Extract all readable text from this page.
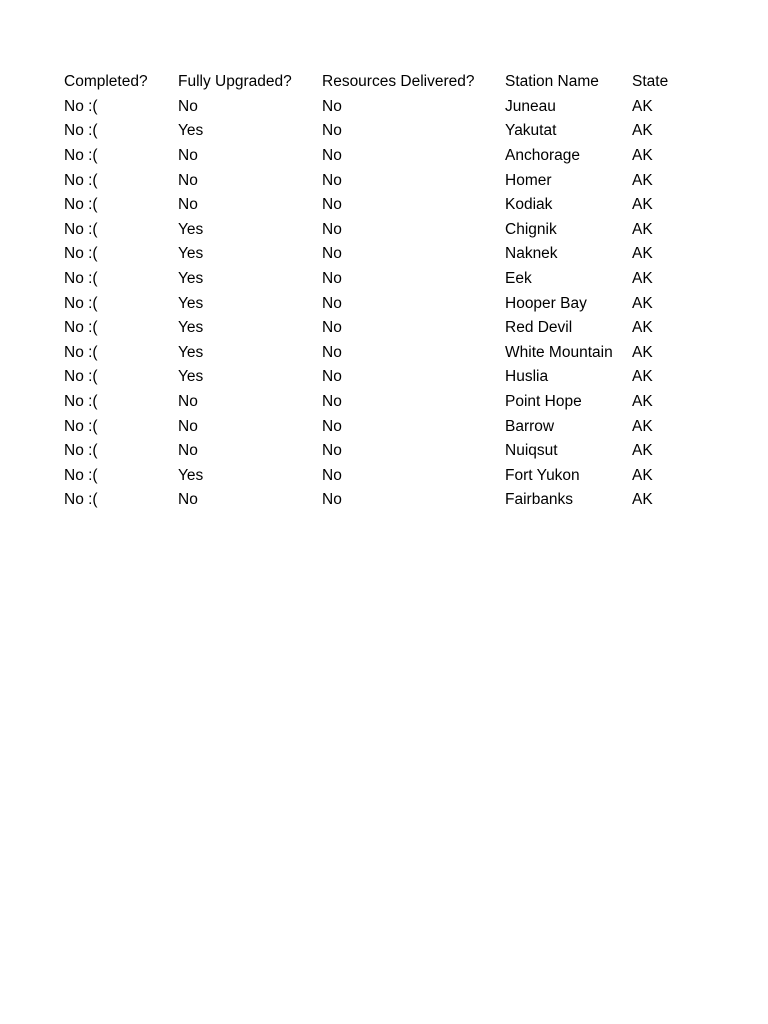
Completed?	Fully Upgraded?	Resources Delivered?	Station Name	State
No :(	No	No	Juneau	AK
No :(	Yes	No	Yakutat	AK
No :(	No	No	Anchorage	AK
No :(	No	No	Homer	AK
No :(	No	No	Kodiak	AK
No :(	Yes	No	Chignik	AK
No :(	Yes	No	Naknek	AK
No :(	Yes	No	Eek	AK
No :(	Yes	No	Hooper Bay	AK
No :(	Yes	No	Red Devil	AK
No :(	Yes	No	White Mountain	AK
No :(	Yes	No	Huslia	AK
No :(	No	No	Point Hope	AK
No :(	No	No	Barrow	AK
No :(	No	No	Nuiqsut	AK
No :(	Yes	No	Fort Yukon	AK
No :(	No	No	Fairbanks	AK
